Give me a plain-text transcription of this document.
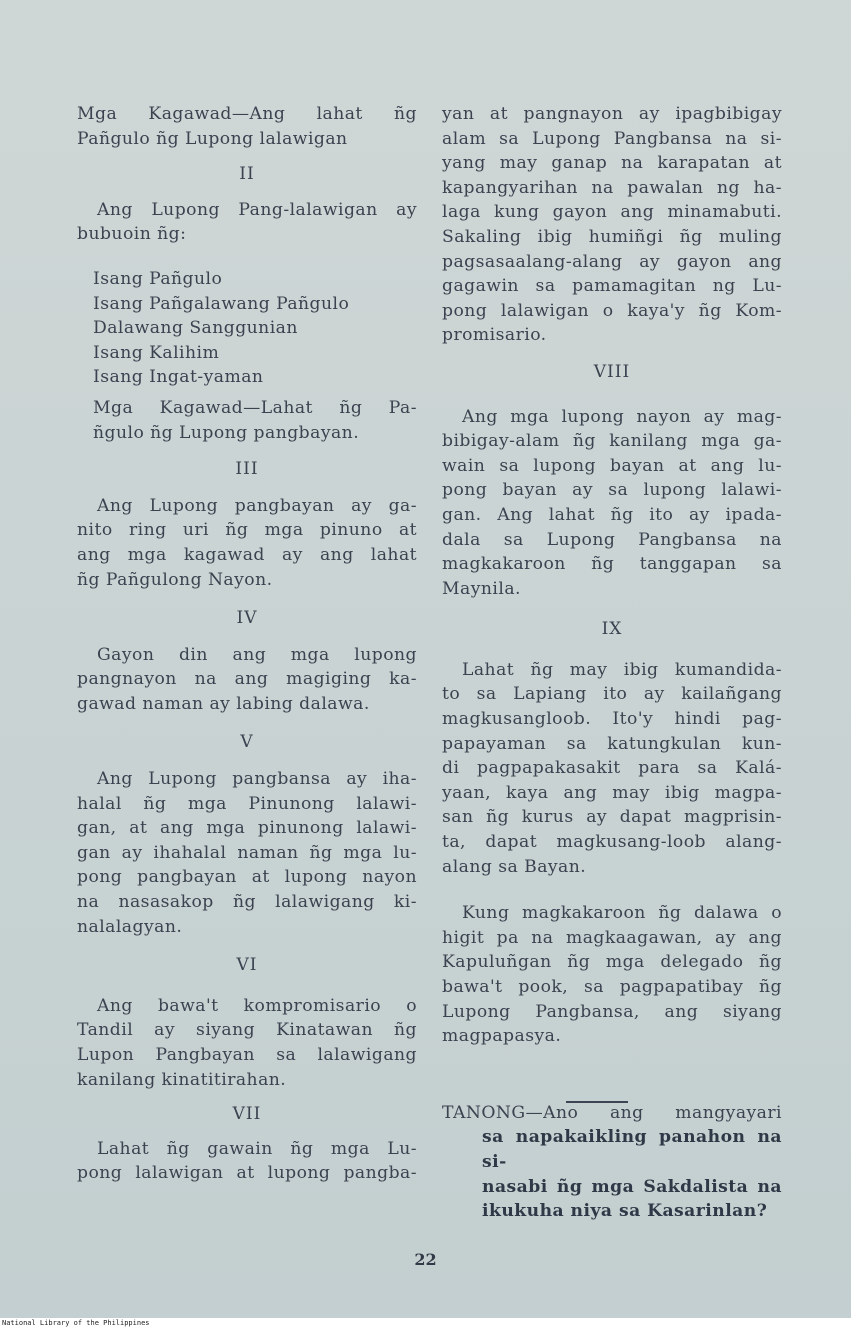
Mga Kagawad—Ang lahat ñg
Pañgulo ñg Lupong lalawigan
II
Ang Lupong Pang-lalawigan ay
bubuoin ñg:
Isang Pañgulo
Isang Pañgalawang Pañgulo
Dalawang Sanggunian
Isang Kalihim
Isang Ingat-yaman
Mga Kagawad—Lahat ñg Pa-
ñgulo ñg Lupong pangbayan.
III
Ang Lupong pangbayan ay ga-
nito ring uri ñg mga pinuno at
ang mga kagawad ay ang lahat
ñg Pañgulong Nayon.
IV
Gayon din ang mga lupong
pangnayon na ang magiging ka-
gawad naman ay labing dalawa.
V
Ang Lupong pangbansa ay iha-
halal ñg mga Pinunong lalawi-
gan, at ang mga pinunong lalawi-
gan ay ihahalal naman ñg mga lu-
pong pangbayan at lupong nayon
na nasasakop ñg lalawigang ki-
nalalagyan.
VI
Ang bawa't kompromisario o
Tandil ay siyang Kinatawan ñg
Lupon Pangbayan sa lalawigang
kanilang kinatitirahan.
VII
Lahat ñg gawain ñg mga Lu-
pong lalawigan at lupong pangba-
yan at pangnayon ay ipagbibigay
alam sa Lupong Pangbansa na si-
yang may ganap na karapatan at
kapangyarihan na pawalan ng ha-
laga kung gayon ang minamabuti.
Sakaling ibig humiñgi ñg muling
pagsasaalang-alang ay gayon ang
gagawin sa pamamagitan ng Lu-
pong lalawigan o kaya'y ñg Kom-
promisario.
VIII
Ang mga lupong nayon ay mag-
bibigay-alam ñg kanilang mga ga-
wain sa lupong bayan at ang lu-
pong bayan ay sa lupong lalawi-
gan. Ang lahat ñg ito ay ipada-
dala sa Lupong Pangbansa na
magkakaroon ñg tanggapan sa
Maynila.
IX
Lahat ñg may ibig kumandida-
to sa Lapiang ito ay kailañgang
magkusangloob. Ito'y hindi pag-
papayaman sa katungkulan kun-
di pagpapakasakit para sa Kalá-
yaan, kaya ang may ibig magpa-
san ñg kurus ay dapat magprisin-
ta, dapat magkusang-loob alang-
alang sa Bayan.
Kung magkakaroon ñg dalawa o
higit pa na magkaagawan, ay ang
Kapuluñgan ñg mga delegado ñg
bawa't pook, sa pagpapatibay ñg
Lupong Pangbansa, ang siyang
magpapasya.
TANONG—Ano ang mangyayari
sa napakaikling panahon na si-
nasabi ñg mga Sakdalista na
ikukuha niya sa Kasarinlan?
22
National Library of the Philippines
